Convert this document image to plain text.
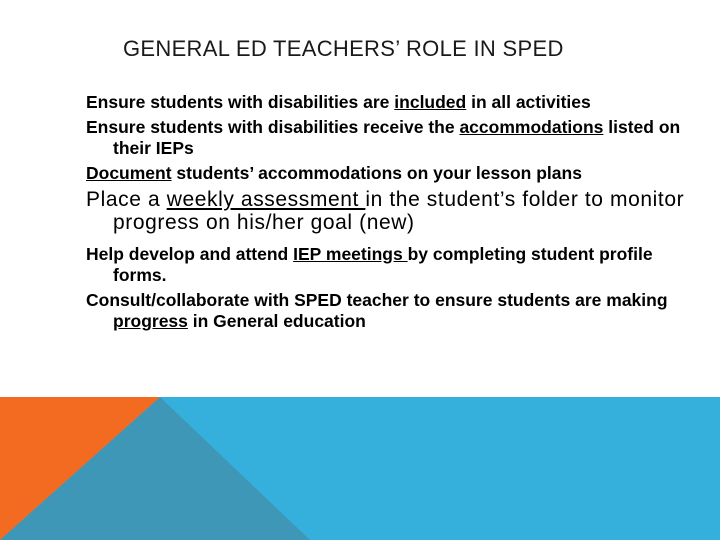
GENERAL ED TEACHERS’ ROLE IN SPED
Ensure students with disabilities are included in all activities
Ensure students with disabilities receive the accommodations listed on their IEPs
Document students’ accommodations on your lesson plans
Place a weekly assessment in the student’s folder to monitor progress on his/her goal (new)
Help develop and attend IEP meetings by completing student profile forms.
Consult/collaborate with SPED teacher to ensure students are making progress in General education
